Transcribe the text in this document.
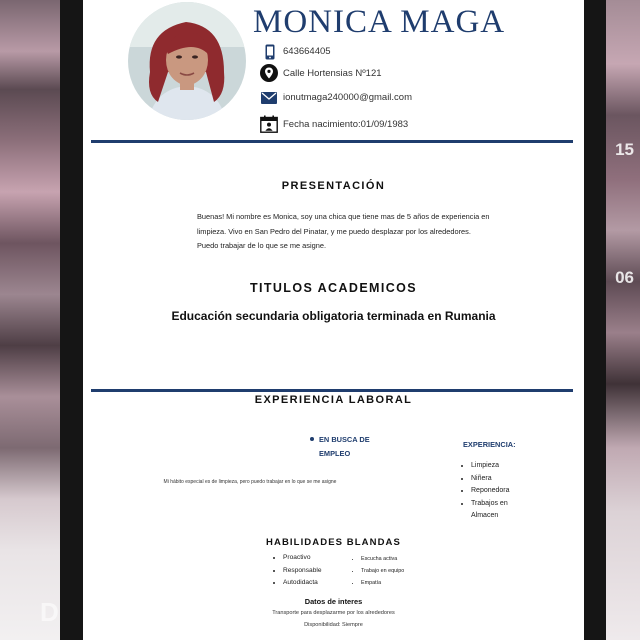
D
15
06
MONICA MAGA
643664405
Calle Hortensias Nº121
ionutmaga240000@gmail.com
Fecha nacimiento:01/09/1983
PRESENTACIÓN
Buenas! Mi nombre es Monica, soy una chica que tiene mas de 5 años de experiencia en
limpieza. Vivo en San Pedro del Pinatar, y me puedo desplazar por los alrededores.
Puedo trabajar de lo que se me asigne.
TITULOS ACADEMICOS
Educación secundaria obligatoria terminada en Rumania
EXPERIENCIA LABORAL
EN BUSCA DE
EMPLEO
Mi hábito especial es de limpieza, pero puedo trabajar en lo que se me asigne
EXPERIENCIA:
• Limpieza
• Niñera
• Reponedora
• Trabajos en
Almacen
HABILIDADES BLANDAS
• Proactivo
• Responsable
• Autodidacta
• Escucha activa
• Trabajo en equipo
• Empatía
Datos de interes
Transporte para desplazarme por los alrededores
Disponibilidad: Siempre
